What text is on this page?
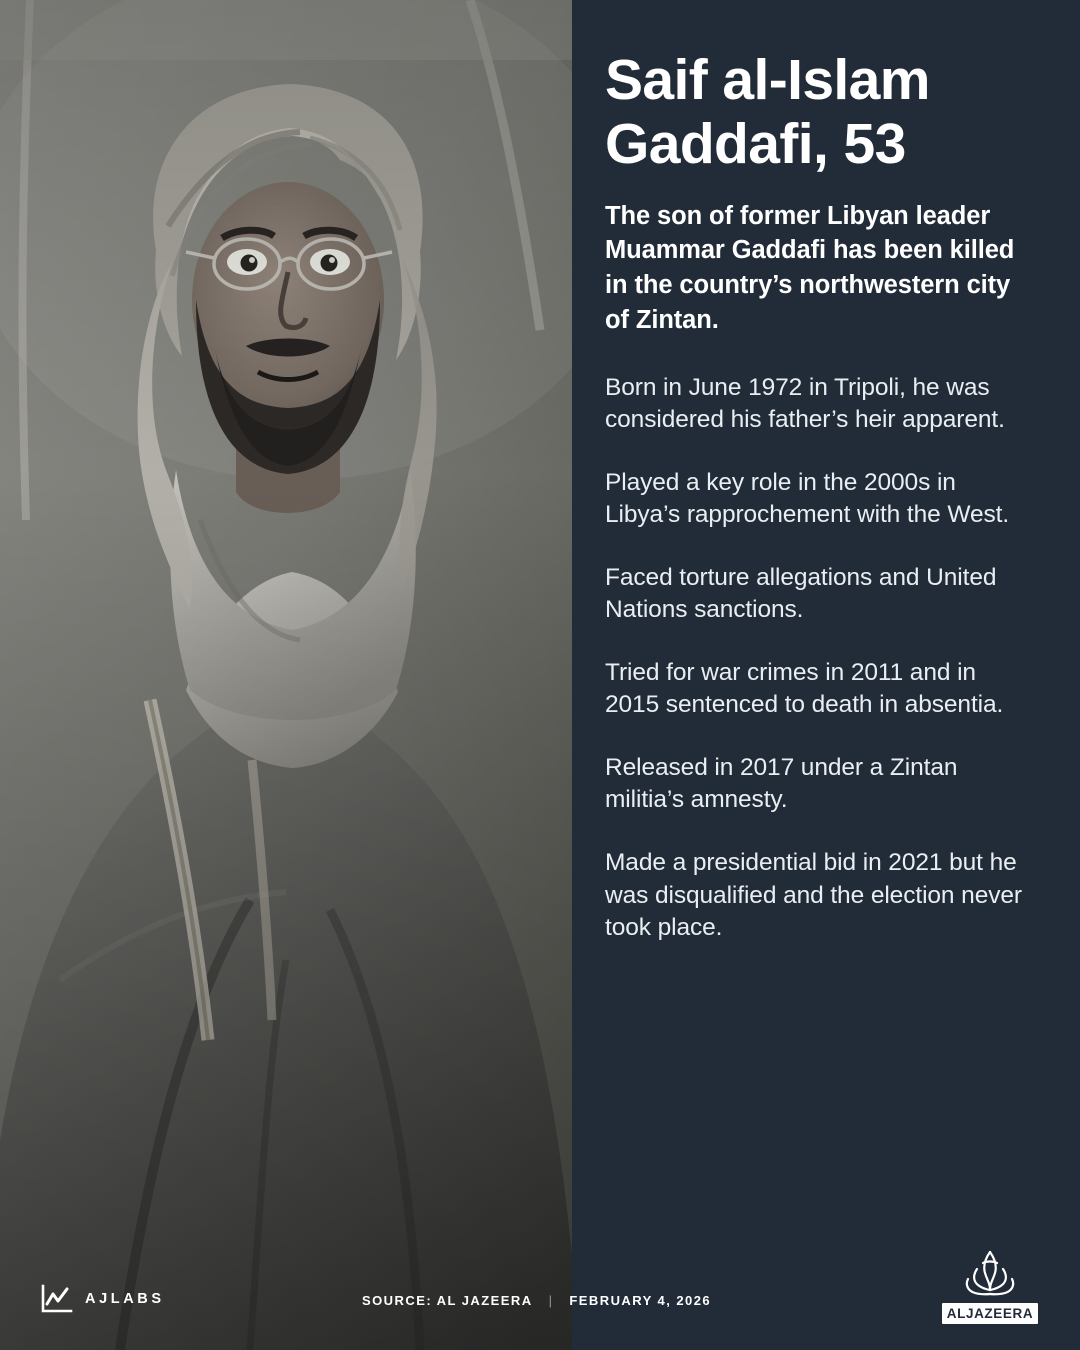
Saif al-Islam Gaddafi, 53

The son of former Libyan leader Muammar Gaddafi has been killed in the country’s northwestern city of Zintan.

Born in June 1972 in Tripoli, he was considered his father’s heir apparent.
Played a key role in the 2000s in Libya’s rapprochement with the West.
Faced torture allegations and United Nations sanctions.
Tried for war crimes in 2011 and in 2015 sentenced to death in absentia.
Released in 2017 under a Zintan militia’s amnesty.
Made a presidential bid in 2021 but he was disqualified and the election never took place.
AJLABS	SOURCE: AL JAZEERA | FEBRUARY 4, 2026
ALJAZEERA
